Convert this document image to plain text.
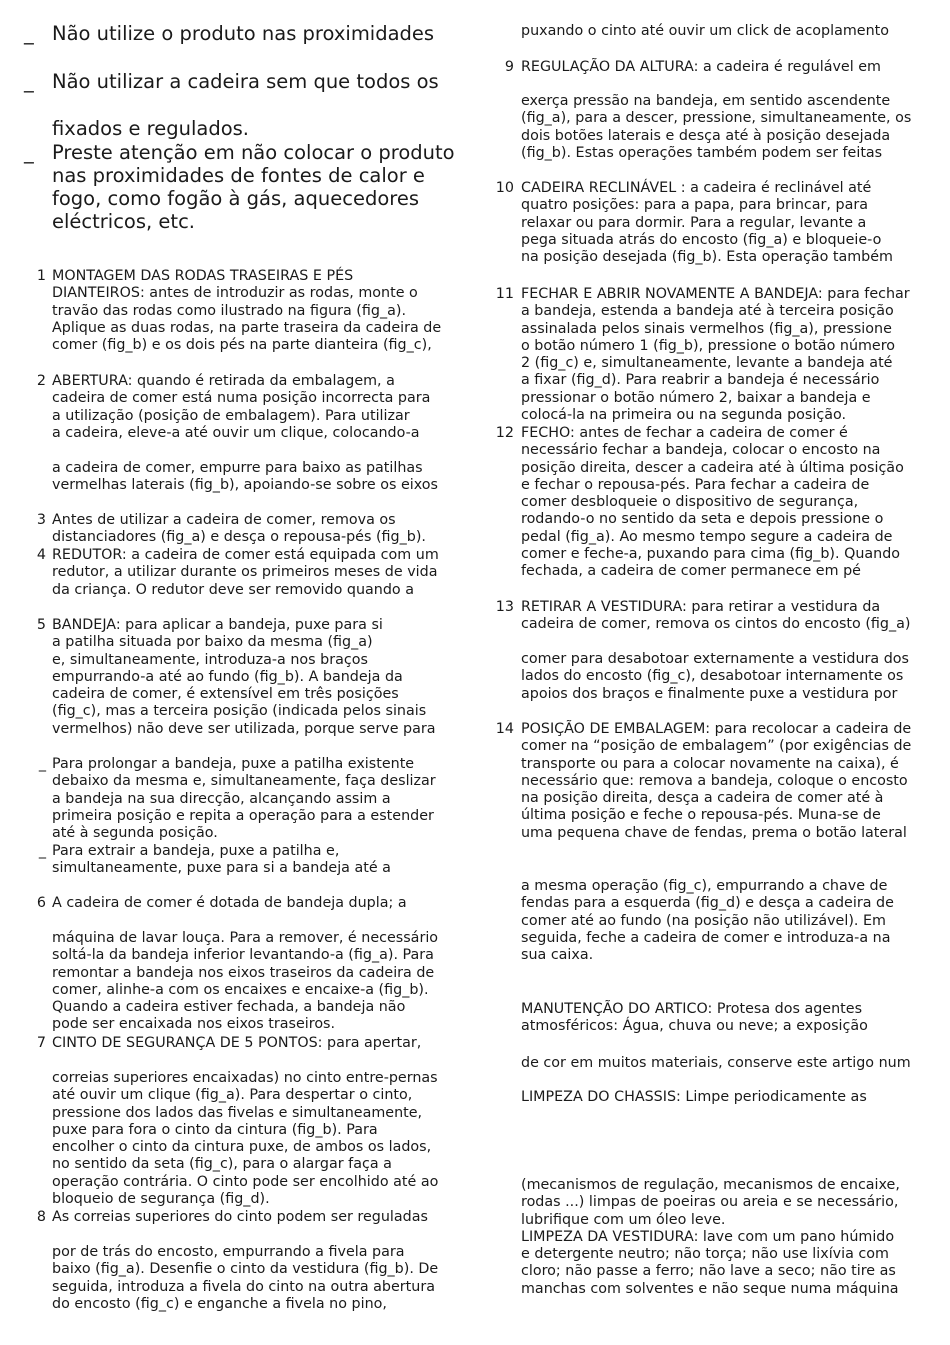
_ Não utilize o produto nas proximidades
_ Não utilizar a cadeira sem que todos os
fixados e regulados.
_ Preste atenção em não colocar o produto
nas proximidades de fontes de calor e
fogo, como fogão à gás, aquecedores
eléctricos, etc.
1 MONTAGEM DAS RODAS TRASEIRAS E PÉS
DIANTEIROS: antes de introduzir as rodas, monte o
travão das rodas como ilustrado na figura (fig_a).
Aplique as duas rodas, na parte traseira da cadeira de
comer (fig_b) e os dois pés na parte dianteira (fig_c),
2 ABERTURA: quando é retirada da embalagem, a
cadeira de comer está numa posição incorrecta para
a utilização (posição de embalagem). Para utilizar
a cadeira, eleve-a até ouvir um clique, colocando-a
a cadeira de comer, empurre para baixo as patilhas
vermelhas laterais (fig_b), apoiando-se sobre os eixos
3 Antes de utilizar a cadeira de comer, remova os
distanciadores (fig_a) e desça o repousa-pés (fig_b).
4 REDUTOR: a cadeira de comer está equipada com um
redutor, a utilizar durante os primeiros meses de vida
da criança. O redutor deve ser removido quando a
5 BANDEJA: para aplicar a bandeja, puxe para si
a patilha situada por baixo da mesma (fig_a)
e, simultaneamente, introduza-a nos braços
empurrando-a até ao fundo (fig_b). A bandeja da
cadeira de comer, é extensível em três posições
(fig_c), mas a terceira posição (indicada pelos sinais
vermelhos) não deve ser utilizada, porque serve para
_ Para prolongar a bandeja, puxe a patilha existente
debaixo da mesma e, simultaneamente, faça deslizar
a bandeja na sua direcção, alcançando assim a
primeira posição e repita a operação para a estender
até à segunda posição.
_ Para extrair a bandeja, puxe a patilha e,
simultaneamente, puxe para si a bandeja até a
6 A cadeira de comer é dotada de bandeja dupla; a
máquina de lavar louça. Para a remover, é necessário
soltá-la da bandeja inferior levantando-a (fig_a). Para
remontar a bandeja nos eixos traseiros da cadeira de
comer, alinhe-a com os encaixes e encaixe-a (fig_b).
Quando a cadeira estiver fechada, a bandeja não
pode ser encaixada nos eixos traseiros.
7 CINTO DE SEGURANÇA DE 5 PONTOS: para apertar,
correias superiores encaixadas) no cinto entre-pernas
até ouvir um clique (fig_a). Para despertar o cinto,
pressione dos lados das fivelas e simultaneamente,
puxe para fora o cinto da cintura (fig_b). Para
encolher o cinto da cintura puxe, de ambos os lados,
no sentido da seta (fig_c), para o alargar faça a
operação contrária. O cinto pode ser encolhido até ao
bloqueio de segurança (fig_d).
8 As correias superiores do cinto podem ser reguladas
por de trás do encosto, empurrando a fivela para
baixo (fig_a). Desenfie o cinto da vestidura (fig_b). De
seguida, introduza a fivela do cinto na outra abertura
do encosto (fig_c) e enganche a fivela no pino,
puxando o cinto até ouvir um click de acoplamento
9 REGULAÇÃO DA ALTURA: a cadeira é regulável em
exerça pressão na bandeja, em sentido ascendente
(fig_a), para a descer, pressione, simultaneamente, os
dois botões laterais e desça até à posição desejada
(fig_b). Estas operações também podem ser feitas
10 CADEIRA RECLINÁVEL : a cadeira é reclinável até
quatro posições: para a papa, para brincar, para
relaxar ou para dormir. Para a regular, levante a
pega situada atrás do encosto (fig_a) e bloqueie-o
na posição desejada (fig_b). Esta operação também
11 FECHAR E ABRIR NOVAMENTE A BANDEJA: para fechar
a bandeja, estenda a bandeja até à terceira posição
assinalada pelos sinais vermelhos (fig_a), pressione
o botão número 1 (fig_b), pressione o botão número
2 (fig_c) e, simultaneamente, levante a bandeja até
a fixar (fig_d). Para reabrir a bandeja é necessário
pressionar o botão número 2, baixar a bandeja e
colocá-la na primeira ou na segunda posição.
12 FECHO: antes de fechar a cadeira de comer é
necessário fechar a bandeja, colocar o encosto na
posição direita, descer a cadeira até à última posição
e fechar o repousa-pés. Para fechar a cadeira de
comer desbloqueie o dispositivo de segurança,
rodando-o no sentido da seta e depois pressione o
pedal (fig_a). Ao mesmo tempo segure a cadeira de
comer e feche-a, puxando para cima (fig_b). Quando
fechada, a cadeira de comer permanece em pé
13 RETIRAR A VESTIDURA: para retirar a vestidura da
cadeira de comer, remova os cintos do encosto (fig_a)
comer para desabotoar externamente a vestidura dos
lados do encosto (fig_c), desabotoar internamente os
apoios dos braços e finalmente puxe a vestidura por
14 POSIÇÃO DE EMBALAGEM: para recolocar a cadeira de
comer na “posição de embalagem” (por exigências de
transporte ou para a colocar novamente na caixa), é
necessário que: remova a bandeja, coloque o encosto
na posição direita, desça a cadeira de comer até à
última posição e feche o repousa-pés. Muna-se de
uma pequena chave de fendas, prema o botão lateral
a mesma operação (fig_c), empurrando a chave de
fendas para a esquerda (fig_d) e desça a cadeira de
comer até ao fundo (na posição não utilizável). Em
seguida, feche a cadeira de comer e introduza-a na
sua caixa.
MANUTENÇÃO DO ARTICO: Protesa dos agentes
atmosféricos: Água, chuva ou neve; a exposição
de cor em muitos materiais, conserve este artigo num
LIMPEZA DO CHASSIS: Limpe periodicamente as
(mecanismos de regulação, mecanismos de encaixe,
rodas ...) limpas de poeiras ou areia e se necessário,
lubrifique com um óleo leve.
LIMPEZA DA VESTIDURA: lave com um pano húmido
e detergente neutro; não torça; não use lixívia com
cloro; não passe a ferro; não lave a seco; não tire as
manchas com solventes e não seque numa máquina
